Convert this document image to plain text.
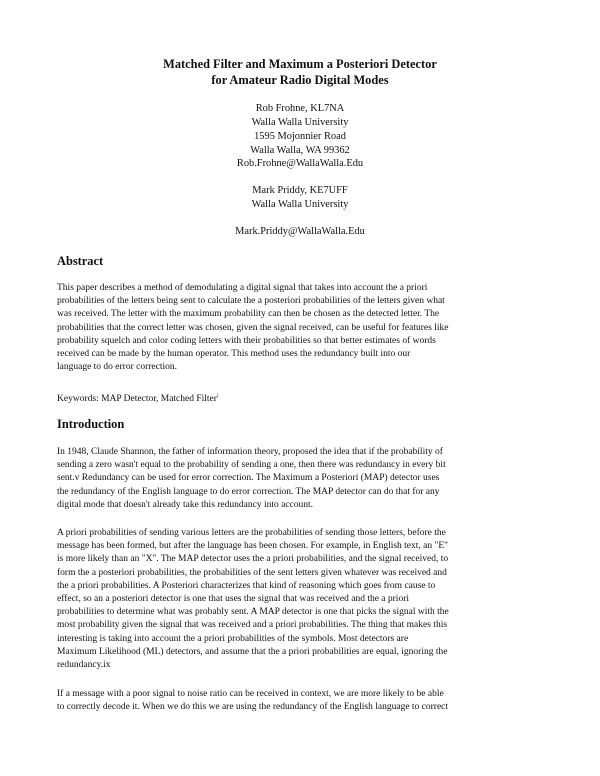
Matched Filter and Maximum a Posteriori Detector
for Amateur Radio Digital Modes
Rob Frohne, KL7NA
Walla Walla University
1595 Mojonnier Road
Walla Walla, WA 99362
Rob.Frohne@WallaWalla.Edu
Mark Priddy, KE7UFF
Walla Walla University
Mark.Priddy@WallaWalla.Edu
Abstract
This paper describes a method of demodulating a digital signal that takes into account the a priori
probabilities of the letters being sent to calculate the a posteriori probabilities of the letters given what
was received. The letter with the maximum probability can then be chosen as the detected letter. The
probabilities that the correct letter was chosen, given the signal received, can be useful for features like
probability squelch and color coding letters with their probabilities so that better estimates of words
received can be made by the human operator. This method uses the redundancy built into our
language to do error correction.
Keywords: MAP Detector, Matched Filter$^i$
Introduction
In 1948, Claude Shannon, the father of information theory, proposed the idea that if the probability of
sending a zero wasn't equal to the probability of sending a one, then there was redundancy in every bit
sent.v Redundancy can be used for error correction. The Maximum a Posteriori (MAP) detector uses
the redundancy of the English language to do error correction. The MAP detector can do that for any
digital mode that doesn't already take this redundancy into account.
A priori probabilities of sending various letters are the probabilities of sending those letters, before the
message has been formed, but after the language has been chosen. For example, in English text, an "E"
is more likely than an "X". The MAP detector uses the a priori probabilities, and the signal received, to
form the a posteriori probabilities, the probabilities of the sent letters given whatever was received and
the a priori probabilities. A Posteriori characterizes that kind of reasoning which goes from cause to
effect, so an a posteriori detector is one that uses the signal that was received and the a priori
probabilities to determine what was probably sent. A MAP detector is one that picks the signal with the
most probability given the signal that was received and a priori probabilities. The thing that makes this
interesting is taking into account the a priori probabilities of the symbols. Most detectors are
Maximum Likelihood (ML) detectors, and assume that the a priori probabilities are equal, ignoring the
redundancy.ix
If a message with a poor signal to noise ratio can be received in context, we are more likely to be able
to correctly decode it. When we do this we are using the redundancy of the English language to correct
